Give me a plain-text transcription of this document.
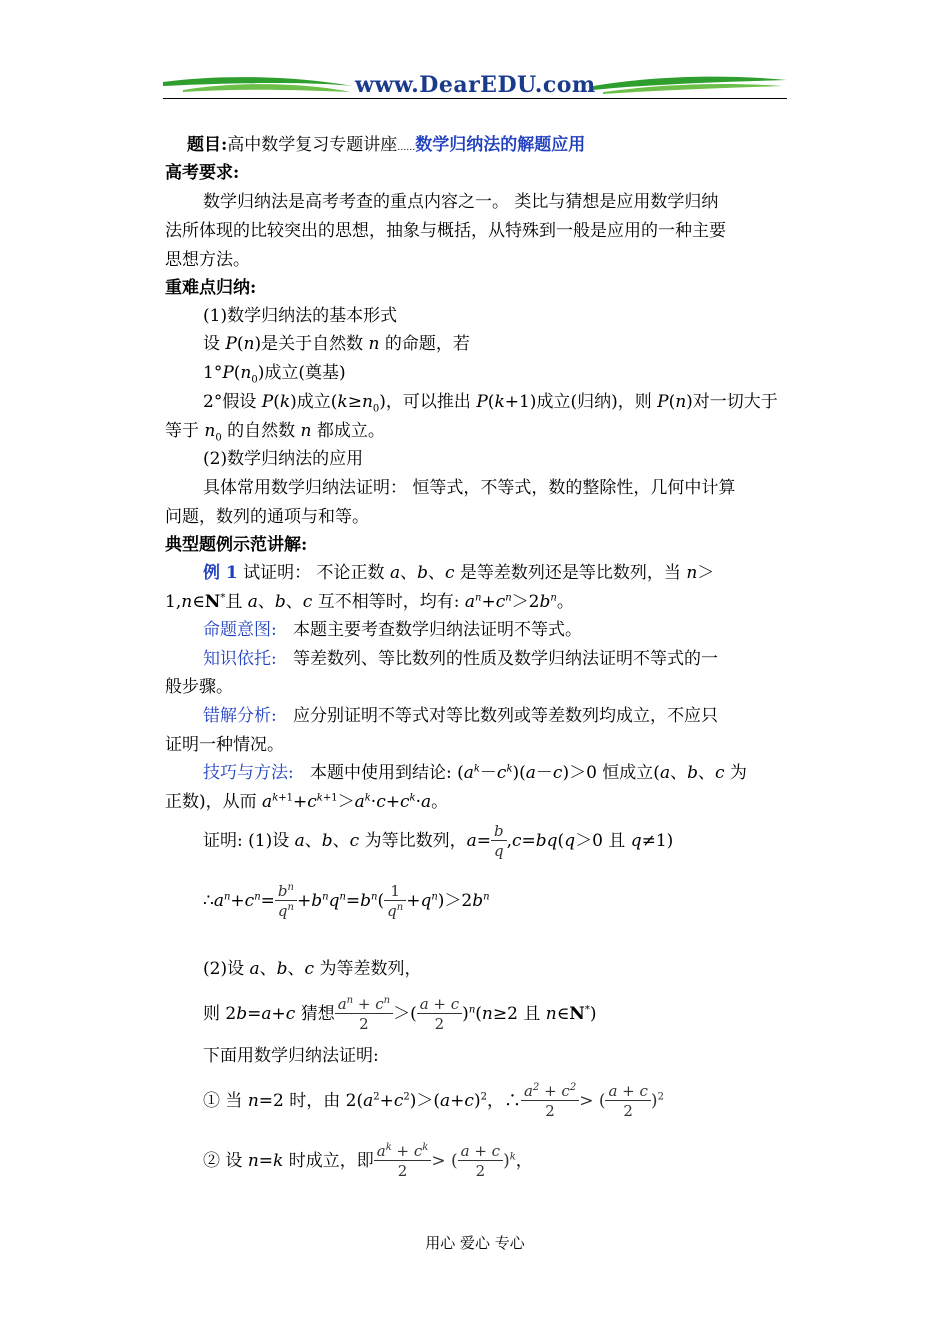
www.DearEDU.com
题目:高中数学复习专题讲座……数学归纳法的解题应用
高考要求:
数学归纳法是高考考查的重点内容之一。 类比与猜想是应用数学归纳
法所体现的比较突出的思想，抽象与概括，从特殊到一般是应用的一种主要
思想方法。
重难点归纳:
(1)数学归纳法的基本形式
设 P(n)是关于自然数 n 的命题，若
$1^\circ P(n_0)$成立(奠基)
2°假设 P(k)成立$(k\ge n_0)$，可以推出 P(k+1)成立(归纳)，则 P(n)对一切大于
等于 $n_0$ 的自然数 n 都成立。
(2)数学归纳法的应用
具体常用数学归纳法证明： 恒等式，不等式，数的整除性，几何中计算
问题，数列的通项与和等。
典型题例示范讲解:
例 1 试证明： 不论正数 a、b、c 是等差数列还是等比数列，当 n＞
1,n∈N*且 a、b、c 互不相等时，均有: $a^n+c^n>2b^n$。
命题意图: 本题主要考查数学归纳法证明不等式。
知识依托: 等差数列、等比数列的性质及数学归纳法证明不等式的一
般步骤。
错解分析: 应分别证明不等式对等比数列或等差数列均成立，不应只
证明一种情况。
技巧与方法:   本题中使用到结论: $(a^k-c^k)(a-c)>0$ 恒成立(a、b、c 为
正数)，从而 $a^{k+1}+c^{k+1}>a^k\cdot c+c^k\cdot a$。
证明: (1)设 a、b、c 为等比数列，$a= \frac{b}{q} ,c=bq(q>0$ 且 q≠1)
$\therefore a^n+c^n= \frac{b^n}{q^n} +b^nq^n=b^n( \frac{1}{q^n} +q^n)>2b^n$
(2)设 a、b、c 为等差数列，
则 2b=a+c 猜想 $\frac{a^n + c^n}{2}$ ＞( $\frac{a + c}{2} )^n(n\ge 2$ 且 n∈N*)
下面用数学归纳法证明:
① 当 n=2 时，由 $2(a^2+c^2)>(a+c)^2$，∴ $\frac{a^2 + c^2}{2}$ > ( $\frac{a + c}{2} )^2$
② 设 n=k 时成立，即 $\frac{a^k + c^k}{2}$ > ( $\frac{a + c}{2} )^k$，
用心 爱心 专心
